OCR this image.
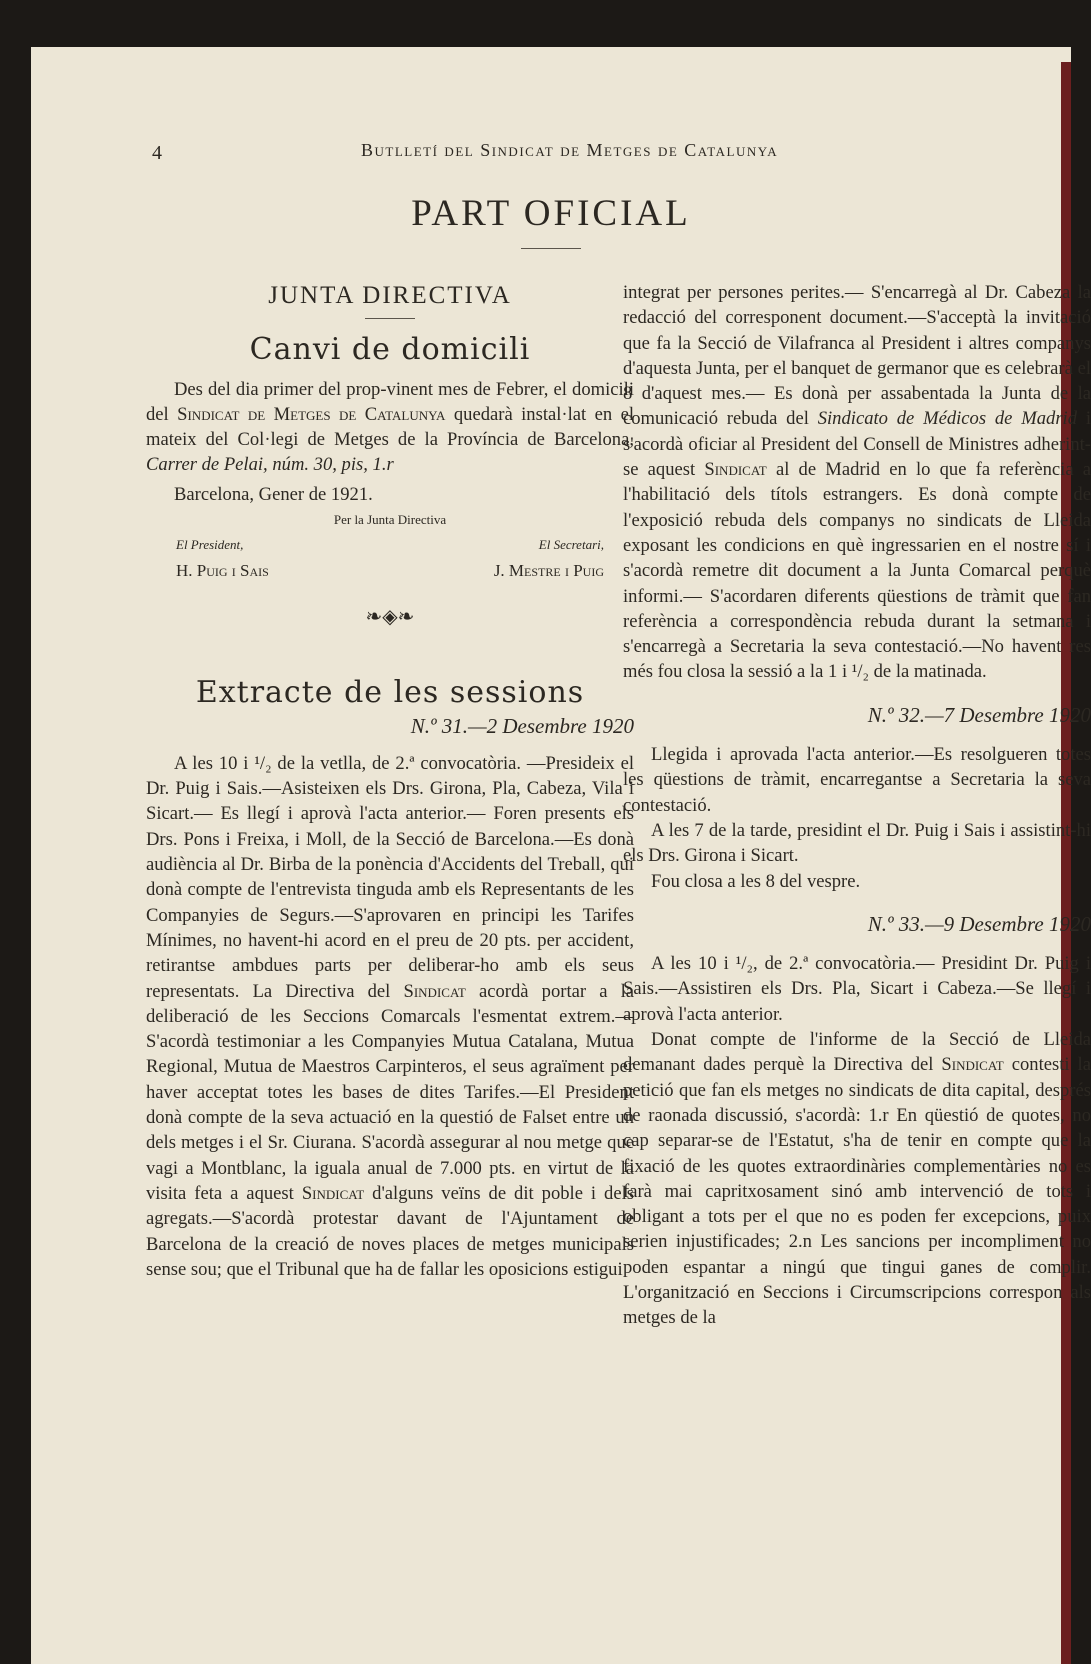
4	Butlletí del Sindicat de Metges de Catalunya
PART OFICIAL
JUNTA DIRECTIVA
Canvi de domicili

Des del dia primer del prop-vinent mes de Febrer, el domicili del Sindicat de Metges de Catalunya quedarà instal·lat en el mateix del Col·legi de Metges de la Província de Barcelona, Carrer de Pelai, núm. 30, pis, 1.r

Barcelona, Gener de 1921.

Per la Junta Directiva
El President,	El Secretari,
H. Puig i Sais	J. Mestre i Puig
❧◈❧
Extracte de les sessions
N.º 31.—2 Desembre 1920

A les 10 i ¹/₂ de la vetlla, de 2.ª convocatòria. —Presideix el Dr. Puig i Sais.—Asisteixen els Drs. Girona, Pla, Cabeza, Vila i Sicart.— Es llegí i aprovà l'acta anterior.— Foren presents els Drs. Pons i Freixa, i Moll, de la Secció de Barcelona.—Es donà audiència al Dr. Birba de la ponència d'Accidents del Treball, qui donà compte de l'entrevista tinguda amb els Representants de les Companyies de Segurs.—S'aprovaren en principi les Tarifes Mínimes, no havent-hi acord en el preu de 20 pts. per accident, retirantse ambdues parts per deliberar-ho amb els seus representats. La Directiva del Sindicat acordà portar a la deliberació de les Seccions Comarcals l'esmentat extrem.—S'acordà testimoniar a les Companyies Mutua Catalana, Mutua Regional, Mutua de Maestros Carpinteros, el seus agraïment per haver acceptat totes les bases de dites Tarifes.—El President donà compte de la seva actuació en la questió de Falset entre un dels metges i el Sr. Ciurana. S'acordà assegurar al nou metge que vagi a Montblanc, la iguala anual de 7.000 pts. en virtut de la visita feta a aquest Sindicat d'alguns veïns de dit poble i dels agregats.—S'acordà protestar davant de l'Ajuntament de Barcelona de la creació de noves places de metges municipals sense sou; que el Tribunal que ha de fallar les oposicions estigui

integrat per persones perites.— S'encarregà al Dr. Cabeza la redacció del corresponent document.—S'acceptà la invitació que fa la Secció de Vilafranca al President i altres companys d'aquesta Junta, per el banquet de germanor que es celebrarà el 8 d'aquest mes.— Es donà per assabentada la Junta de la comunicació rebuda del Sindicato de Médicos de Madrid i s'acordà oficiar al President del Consell de Ministres adherint-se aquest Sindicat al de Madrid en lo que fa referència a l'habilitació dels títols estrangers. Es donà compte de l'exposició rebuda dels companys no sindicats de Lleida exposant les condicions en què ingressarien en el nostre sí i s'acordà remetre dit document a la Junta Comarcal perquè informi.— S'acordaren diferents qüestions de tràmit que fan referència a correspondència rebuda durant la setmana i s'encarregà a Secretaria la seva contestació.—No havent res més fou closa la sessió a la 1 i ¹/₂ de la matinada.

N.º 32.—7 Desembre 1920

Llegida i aprovada l'acta anterior.—Es resolgueren totes les qüestions de tràmit, encarregantse a Secretaria la seva contestació.

A les 7 de la tarde, presidint el Dr. Puig i Sais i assistint-hi els Drs. Girona i Sicart.

Fou closa a les 8 del vespre.

N.º 33.—9 Desembre 1920

A les 10 i ¹/₂, de 2.ª convocatòria.— Presidint Dr. Puig i Sais.—Assistiren els Drs. Pla, Sicart i Cabeza.—Se llegí i aprovà l'acta anterior.

Donat compte de l'informe de la Secció de Lleida demanant dades perquè la Directiva del Sindicat contesti la petició que fan els metges no sindicats de dita capital, després de raonada discussió, s'acordà: 1.r En qüestió de quotes, no cap separar-se de l'Estatut, s'ha de tenir en compte que la fixació de les quotes extraordinàries complementàries no es farà mai capritxosament sinó amb intervenció de tots i obligant a tots per el que no es poden fer excepcions, puix serien injustificades; 2.n Les sancions per incompliment no poden espantar a ningú que tingui ganes de complir. L'organització en Seccions i Circumscripcions correspon als metges de la
